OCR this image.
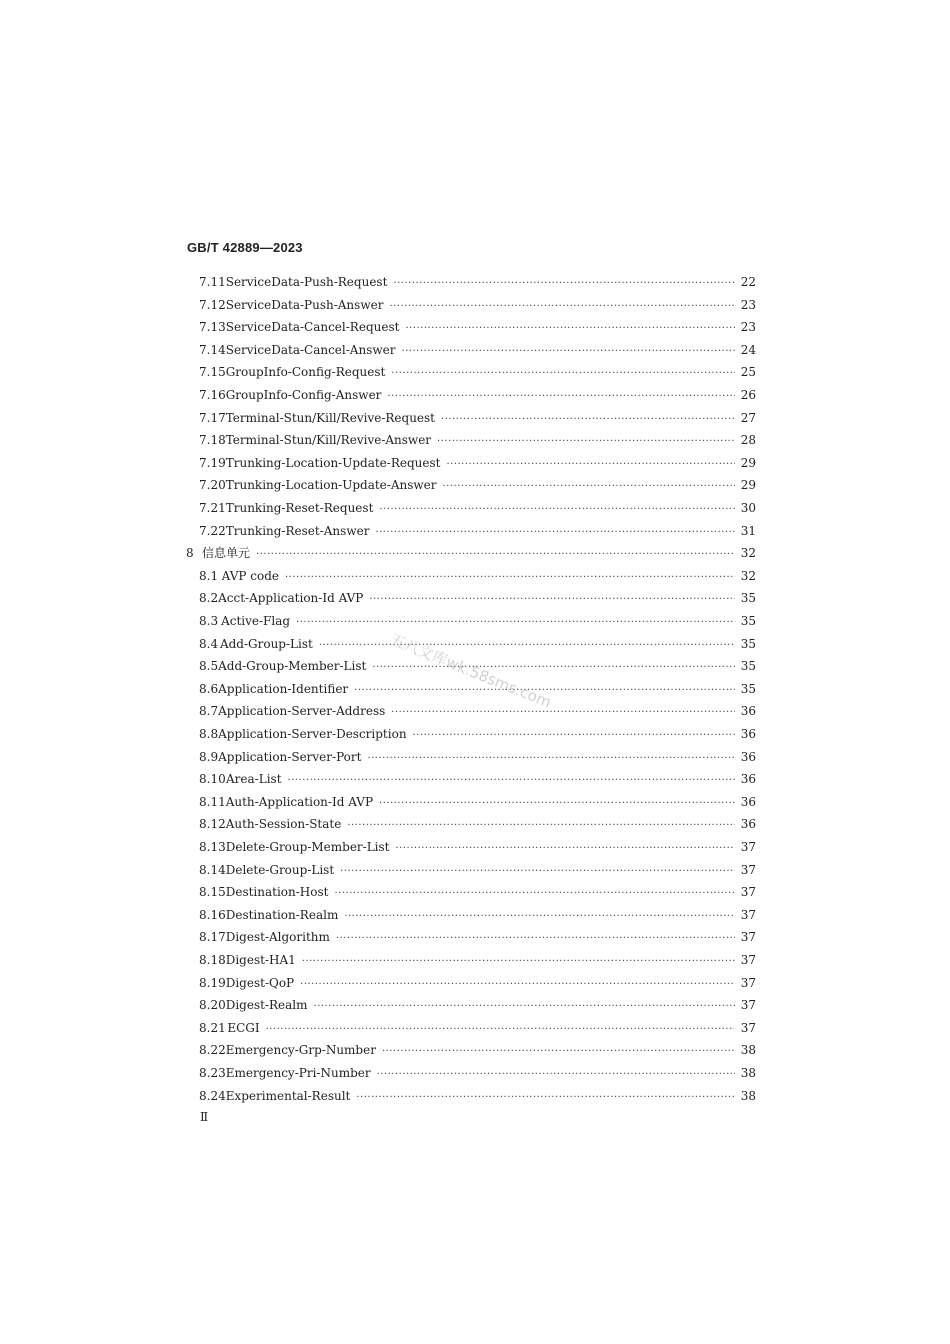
GB/T 42889—2023
7.11 ServiceData-Push-Request ·····	22
7.12 ServiceData-Push-Answer ·····	23
7.13 ServiceData-Cancel-Request ·····	23
7.14 ServiceData-Cancel-Answer ·····	24
7.15 GroupInfo-Config-Request ·····	25
7.16 GroupInfo-Config-Answer ·····	26
7.17 Terminal-Stun/Kill/Revive-Request ·····	27
7.18 Terminal-Stun/Kill/Revive-Answer ·····	28
7.19 Trunking-Location-Update-Request ·····	29
7.20 Trunking-Location-Update-Answer ·····	29
7.21 Trunking-Reset-Request ·····	30
7.22 Trunking-Reset-Answer ·····	31
8 信息单元 ·····	32
8.1 AVP code ·····	32
8.2 Acct-Application-Id AVP ·····	35
8.3 Active-Flag ·····	35
8.4 Add-Group-List ·····	35
8.5 Add-Group-Member-List ·····	35
8.6 Application-Identifier ·····	35
8.7 Application-Server-Address ·····	36
8.8 Application-Server-Description ·····	36
8.9 Application-Server-Port ·····	36
8.10 Area-List ·····	36
8.11 Auth-Application-Id AVP ·····	36
8.12 Auth-Session-State ·····	36
8.13 Delete-Group-Member-List ·····	37
8.14 Delete-Group-List ·····	37
8.15 Destination-Host ·····	37
8.16 Destination-Realm ·····	37
8.17 Digest-Algorithm ·····	37
8.18 Digest-HA1 ·····	37
8.19 Digest-QoP ·····	37
8.20 Digest-Realm ·····	37
8.21 ECGI ·····	37
8.22 Emergency-Grp-Number ·····	38
8.23 Emergency-Pri-Number ·····	38
8.24 Experimental-Result ·····	38
五八文库wk.58sms.com
Ⅱ
